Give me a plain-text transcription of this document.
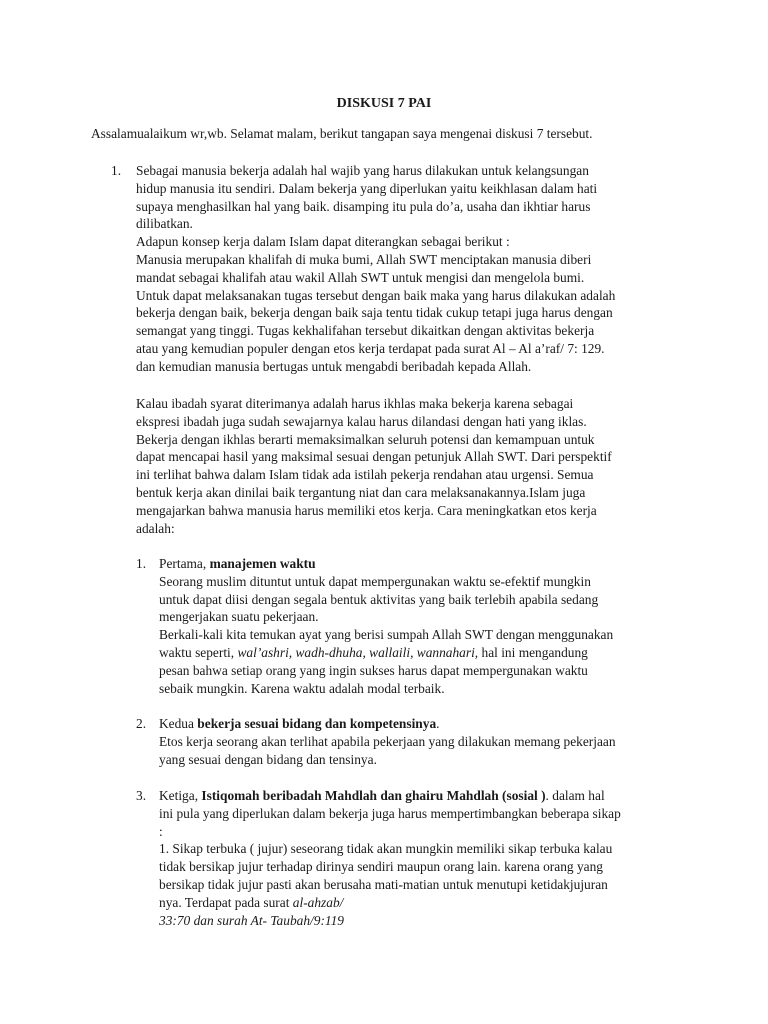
DISKUSI 7 PAI
Assalamualaikum wr,wb. Selamat malam, berikut tangapan saya mengenai diskusi 7 tersebut.
1. Sebagai manusia bekerja adalah hal wajib yang harus dilakukan untuk kelangsungan
hidup manusia itu sendiri. Dalam bekerja yang diperlukan yaitu keikhlasan dalam hati
supaya menghasilkan hal yang baik. disamping itu pula do’a, usaha dan ikhtiar harus
dilibatkan.
Adapun konsep kerja dalam Islam dapat diterangkan sebagai berikut :
Manusia merupakan khalifah di muka bumi, Allah SWT menciptakan manusia diberi
mandat sebagai khalifah atau wakil Allah SWT untuk mengisi dan mengelola bumi.
Untuk dapat melaksanakan tugas tersebut dengan baik maka yang harus dilakukan adalah
bekerja dengan baik, bekerja dengan baik saja tentu tidak cukup tetapi juga harus dengan
semangat yang tinggi. Tugas kekhalifahan tersebut dikaitkan dengan aktivitas bekerja
atau yang kemudian populer dengan etos kerja terdapat pada surat Al – Al a’raf/ 7: 129.
dan kemudian manusia bertugas untuk mengabdi beribadah kepada Allah.
Kalau ibadah syarat diterimanya adalah harus ikhlas maka bekerja karena sebagai
ekspresi ibadah juga sudah sewajarnya kalau harus dilandasi dengan hati yang iklas.
Bekerja dengan ikhlas berarti memaksimalkan seluruh potensi dan kemampuan untuk
dapat mencapai hasil yang maksimal sesuai dengan petunjuk Allah SWT. Dari perspektif
ini terlihat bahwa dalam Islam tidak ada istilah pekerja rendahan atau urgensi. Semua
bentuk kerja akan dinilai baik tergantung niat dan cara melaksanakannya.Islam juga
mengajarkan bahwa manusia harus memiliki etos kerja. Cara meningkatkan etos kerja
adalah:
1. Pertama, manajemen waktu
Seorang muslim dituntut untuk dapat mempergunakan waktu se-efektif mungkin
untuk dapat diisi dengan segala bentuk aktivitas yang baik terlebih apabila sedang
mengerjakan suatu pekerjaan.
Berkali-kali kita temukan ayat yang berisi sumpah Allah SWT dengan menggunakan
waktu seperti, wal’ashri, wadh-dhuha, wallaili, wannahari, hal ini mengandung
pesan bahwa setiap orang yang ingin sukses harus dapat mempergunakan waktu
sebaik mungkin. Karena waktu adalah modal terbaik.
2. Kedua bekerja sesuai bidang dan kompetensinya.
Etos kerja seorang akan terlihat apabila pekerjaan yang dilakukan memang pekerjaan
yang sesuai dengan bidang dan tensinya.
3. Ketiga, Istiqomah beribadah Mahdlah dan ghairu Mahdlah (sosial ). dalam hal
ini pula yang diperlukan dalam bekerja juga harus mempertimbangkan beberapa sikap
:
1. Sikap terbuka ( jujur) seseorang tidak akan mungkin memiliki sikap terbuka kalau
tidak bersikap jujur terhadap dirinya sendiri maupun orang lain. karena orang yang
bersikap tidak jujur pasti akan berusaha mati-matian untuk menutupi ketidakjujuran
nya. Terdapat pada surat al-ahzab/
33:70 dan surah At- Taubah/9:119
